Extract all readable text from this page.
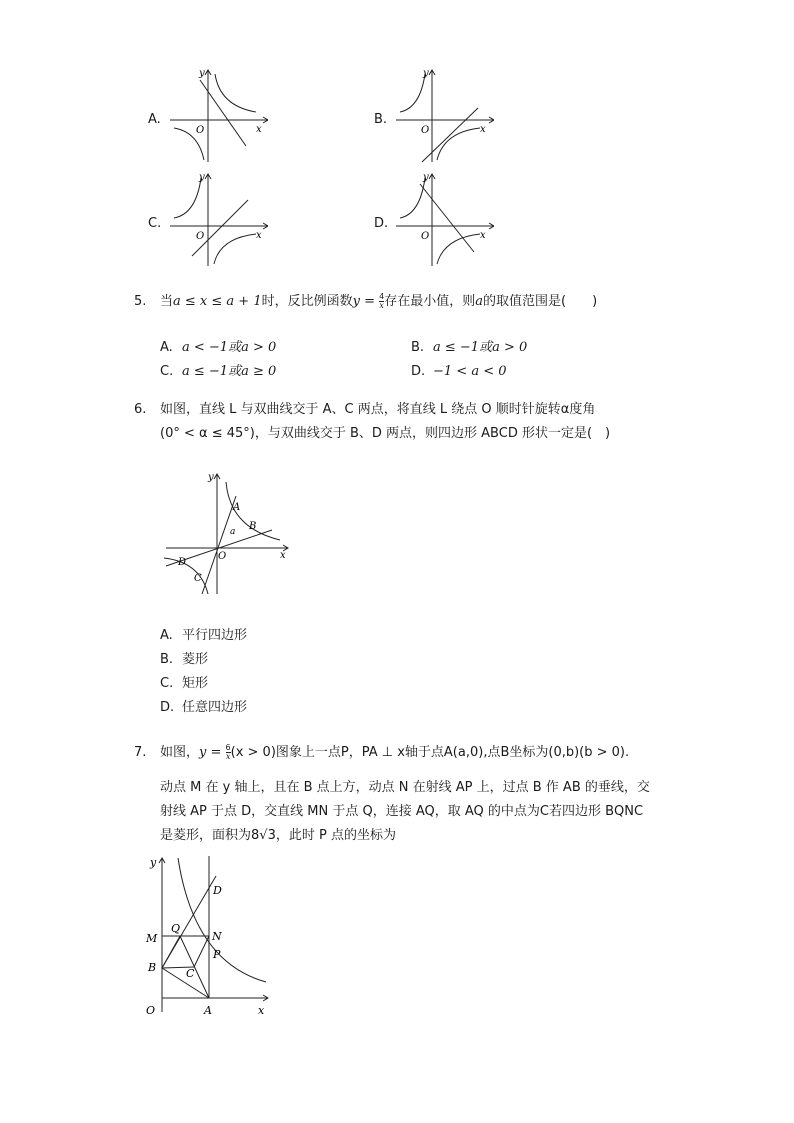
A.
y
x
O
B.
y
x
O
C.
y
x
O
D.
y
x
O
5. 当a ≤ x ≤ a + 1时，反比例函数$y = \frac{4}{x}$ 存在最小值，则a的取值范围是(　　)
A. a < −1或a > 0	B. a ≤ −1或a > 0
C. a ≤ −1或a ≥ 0	D. −1 < a < 0
6. 如图，直线 L 与双曲线交于 A、C 两点，将直线 L 绕点 O 顺时针旋转α度角
(0° < α ≤ 45°)，与双曲线交于 B、D 两点，则四边形 ABCD 形状一定是(　)
y
x
O
A
B
C
D
a
A. 平行四边形
B. 菱形
C. 矩形
D. 任意四边形
7. 如图，$y = \frac{6}{x} (x > 0)$图象上一点P，PA ⊥ x轴于点A(a,0),点B坐标为(0,b)(b > 0).
动点 M 在 y 轴上，且在 B 点上方，动点 N 在射线 AP 上，过点 B 作 AB 的垂线，交
射线 AP 于点 D，交直线 MN 于点 Q，连接 AQ，取 AQ 的中点为C若四边形 BQNC
是菱形，面积为8√3，此时 P 点的坐标为
y
x
O	A
B	C
D
M	N
P
Q
